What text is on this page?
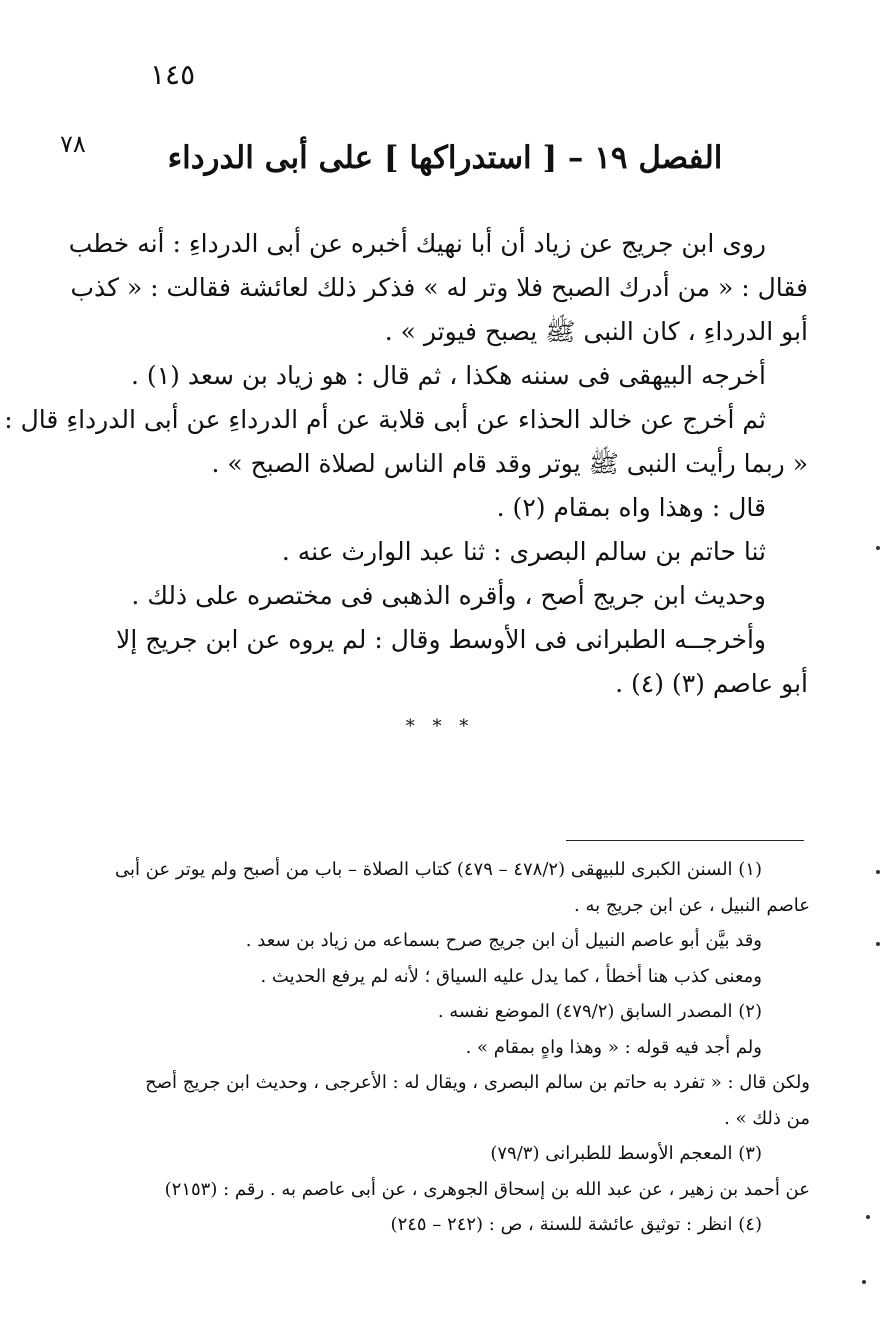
١٤٥
٧٨	الفصل ١٩ – [ استدراكها ] على أبى الدرداء

روى ابن جريج عن زياد أن أبا نهيك أخبره عن أبى الدرداءِ : أنه خطب

فقال : « من أدرك الصبح فلا وتر له » فذكر ذلك لعائشة فقالت : « كذب

أبو الدرداءِ ، كان النبى ﷺ يصبح فيوتر » .

أخرجه البيهقى فى سننه هكذا ، ثم قال : هو زياد بن سعد (١) .

ثم أخرج عن خالد الحذاء عن أبى قلابة عن أم الدرداءِ عن أبى الدرداءِ قال :

« ربما رأيت النبى ﷺ يوتر وقد قام الناس لصلاة الصبح » .

قال : وهذا واه بمقام (٢) .

ثنا حاتم بن سالم البصرى : ثنا عبد الوارث عنه .

وحديث ابن جريج أصح ، وأقره الذهبى فى مختصره على ذلك .

وأخرجــه الطبرانى فى الأوسط وقال : لم يروه عن ابن جريج إلا

أبو عاصم (٣) (٤) .

* * *

(١) السنن الكبرى للبيهقى (٤٧٨/٢ – ٤٧٩) كتاب الصلاة – باب من أصبح ولم يوتر عن أبى

عاصم النبيل ، عن ابن جريج به .

وقد بيَّن أبو عاصم النبيل أن ابن جريج صرح بسماعه من زياد بن سعد .

ومعنى كذب هنا أخطأ ، كما يدل عليه السياق ؛ لأنه لم يرفع الحديث .

(٢) المصدر السابق (٤٧٩/٢) الموضع نفسه .

ولم أجد فيه قوله : « وهذا واهٍ بمقام » .

ولكن قال : « تفرد به حاتم بن سالم البصرى ، ويقال له : الأعرجى ، وحديث ابن جريج أصح

من ذلك » .

(٣) المعجم الأوسط للطبرانى (٧٩/٣)

عن أحمد بن زهير ، عن عبد الله بن إسحاق الجوهرى ، عن أبى عاصم به . رقم : (٢١٥٣)

(٤) انظر : توثيق عائشة للسنة ، ص : (٢٤٢ – ٢٤٥)
